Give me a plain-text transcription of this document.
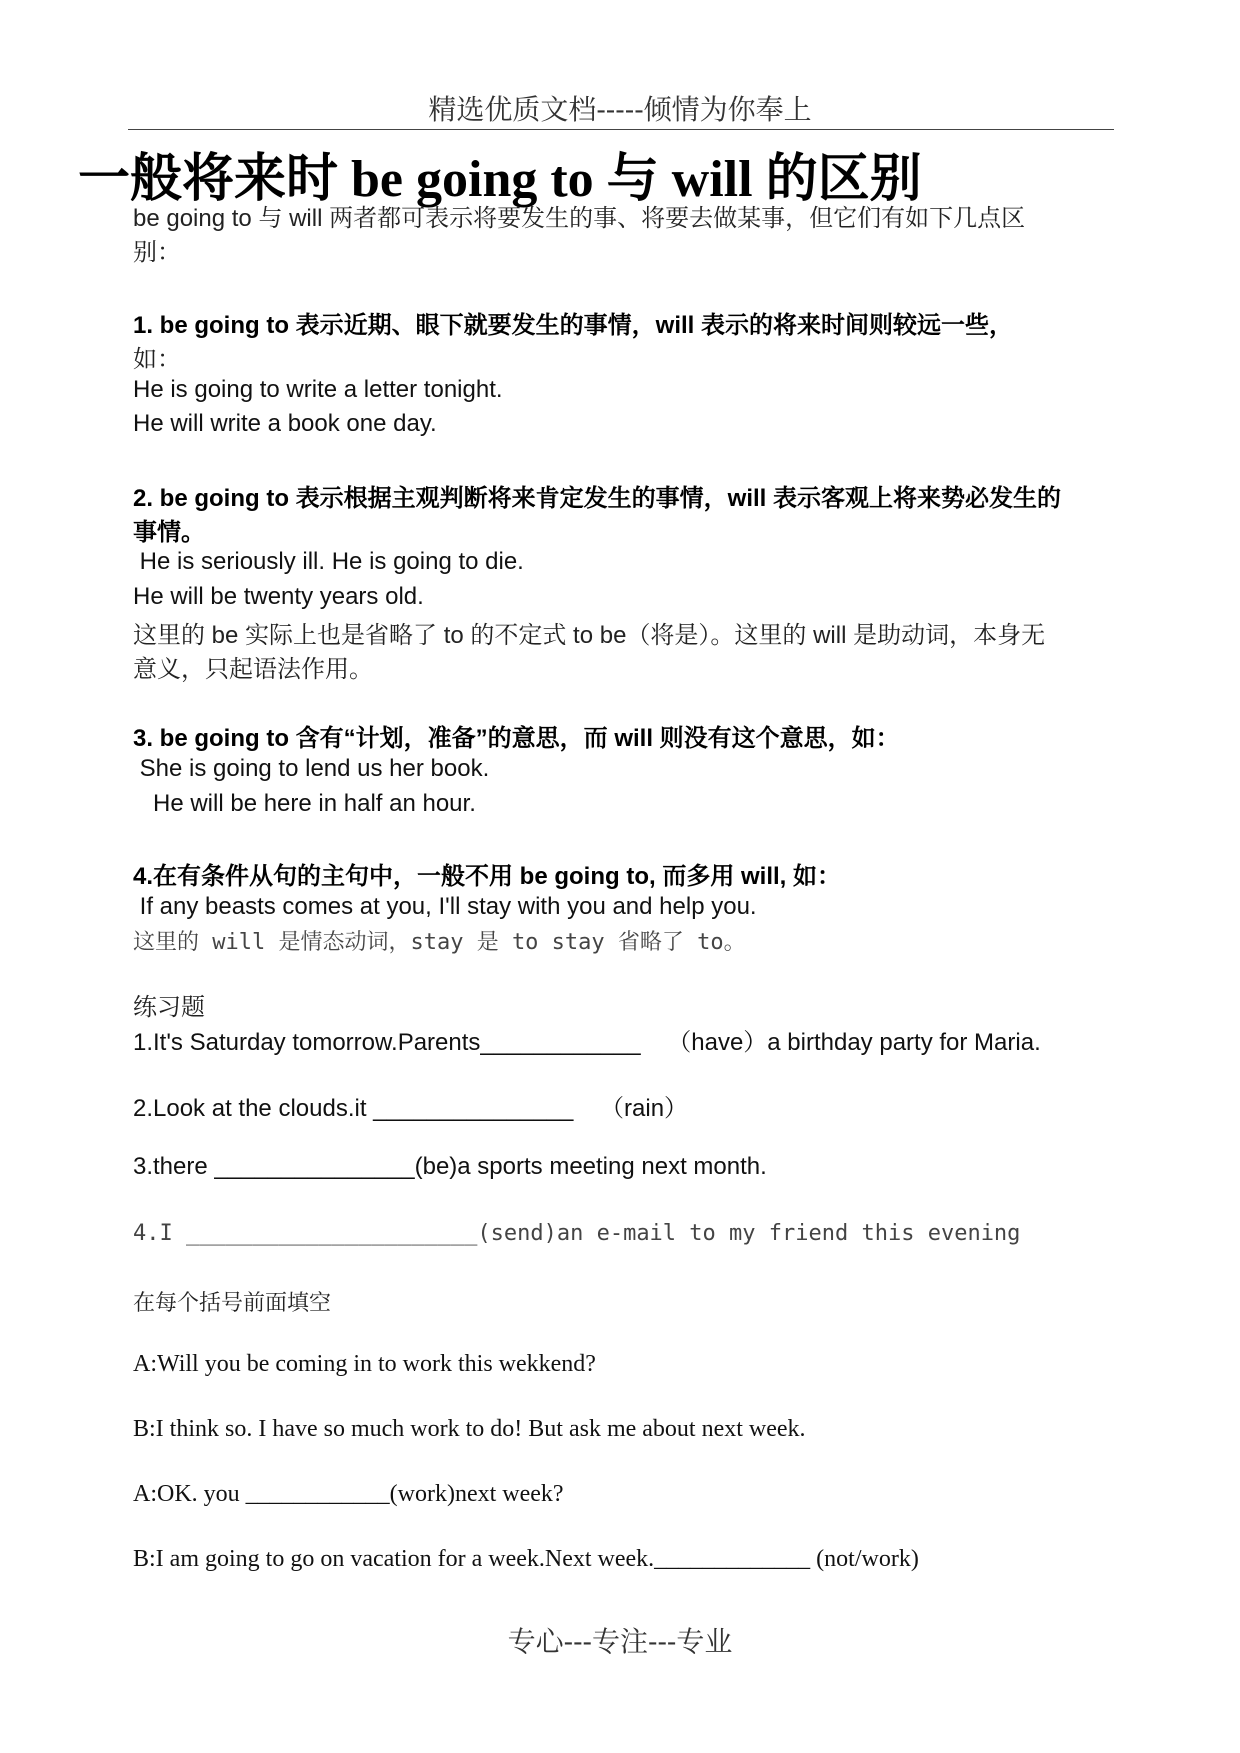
精选优质文档-----倾情为你奉上
一般将来时 be going to 与 will 的区别
be going to 与 will 两者都可表示将要发生的事、将要去做某事，但它们有如下几点区
别：
1. be going to 表示近期、眼下就要发生的事情，will 表示的将来时间则较远一些，
如：
He is going to write a letter tonight.
He will write a book one day.
2. be going to 表示根据主观判断将来肯定发生的事情，will 表示客观上将来势必发生的
事情。
He is seriously ill. He is going to die.
He will be twenty years old.
这里的 be 实际上也是省略了 to 的不定式 to be（将是）。这里的 will 是助动词，本身无
意义，只起语法作用。
3. be going to 含有“计划，准备”的意思，而 will 则没有这个意思，如：
She is going to lend us her book.
He will be here in half an hour.
4.在有条件从句的主句中，一般不用 be going to, 而多用 will, 如：
If any beasts comes at you, I'll stay with you and help you.
这里的 will 是情态动词，stay 是 to stay 省略了 to。
练习题
1.It's Saturday tomorrow.Parents____________    （have）a birthday party for Maria.
2.Look at the clouds.it _______________    （rain）
3.there _______________(be)a sports meeting next month.
4.I ______________________(send)an e-mail to my friend this evening
在每个括号前面填空
A:Will you be coming in to work this wekkend?
B:I think so. I have so much work to do! But ask me about next week.
A:OK. you ____________(work)next week?
B:I am going to go on vacation for a week.Next week._____________ (not/work)
专心---专注---专业
